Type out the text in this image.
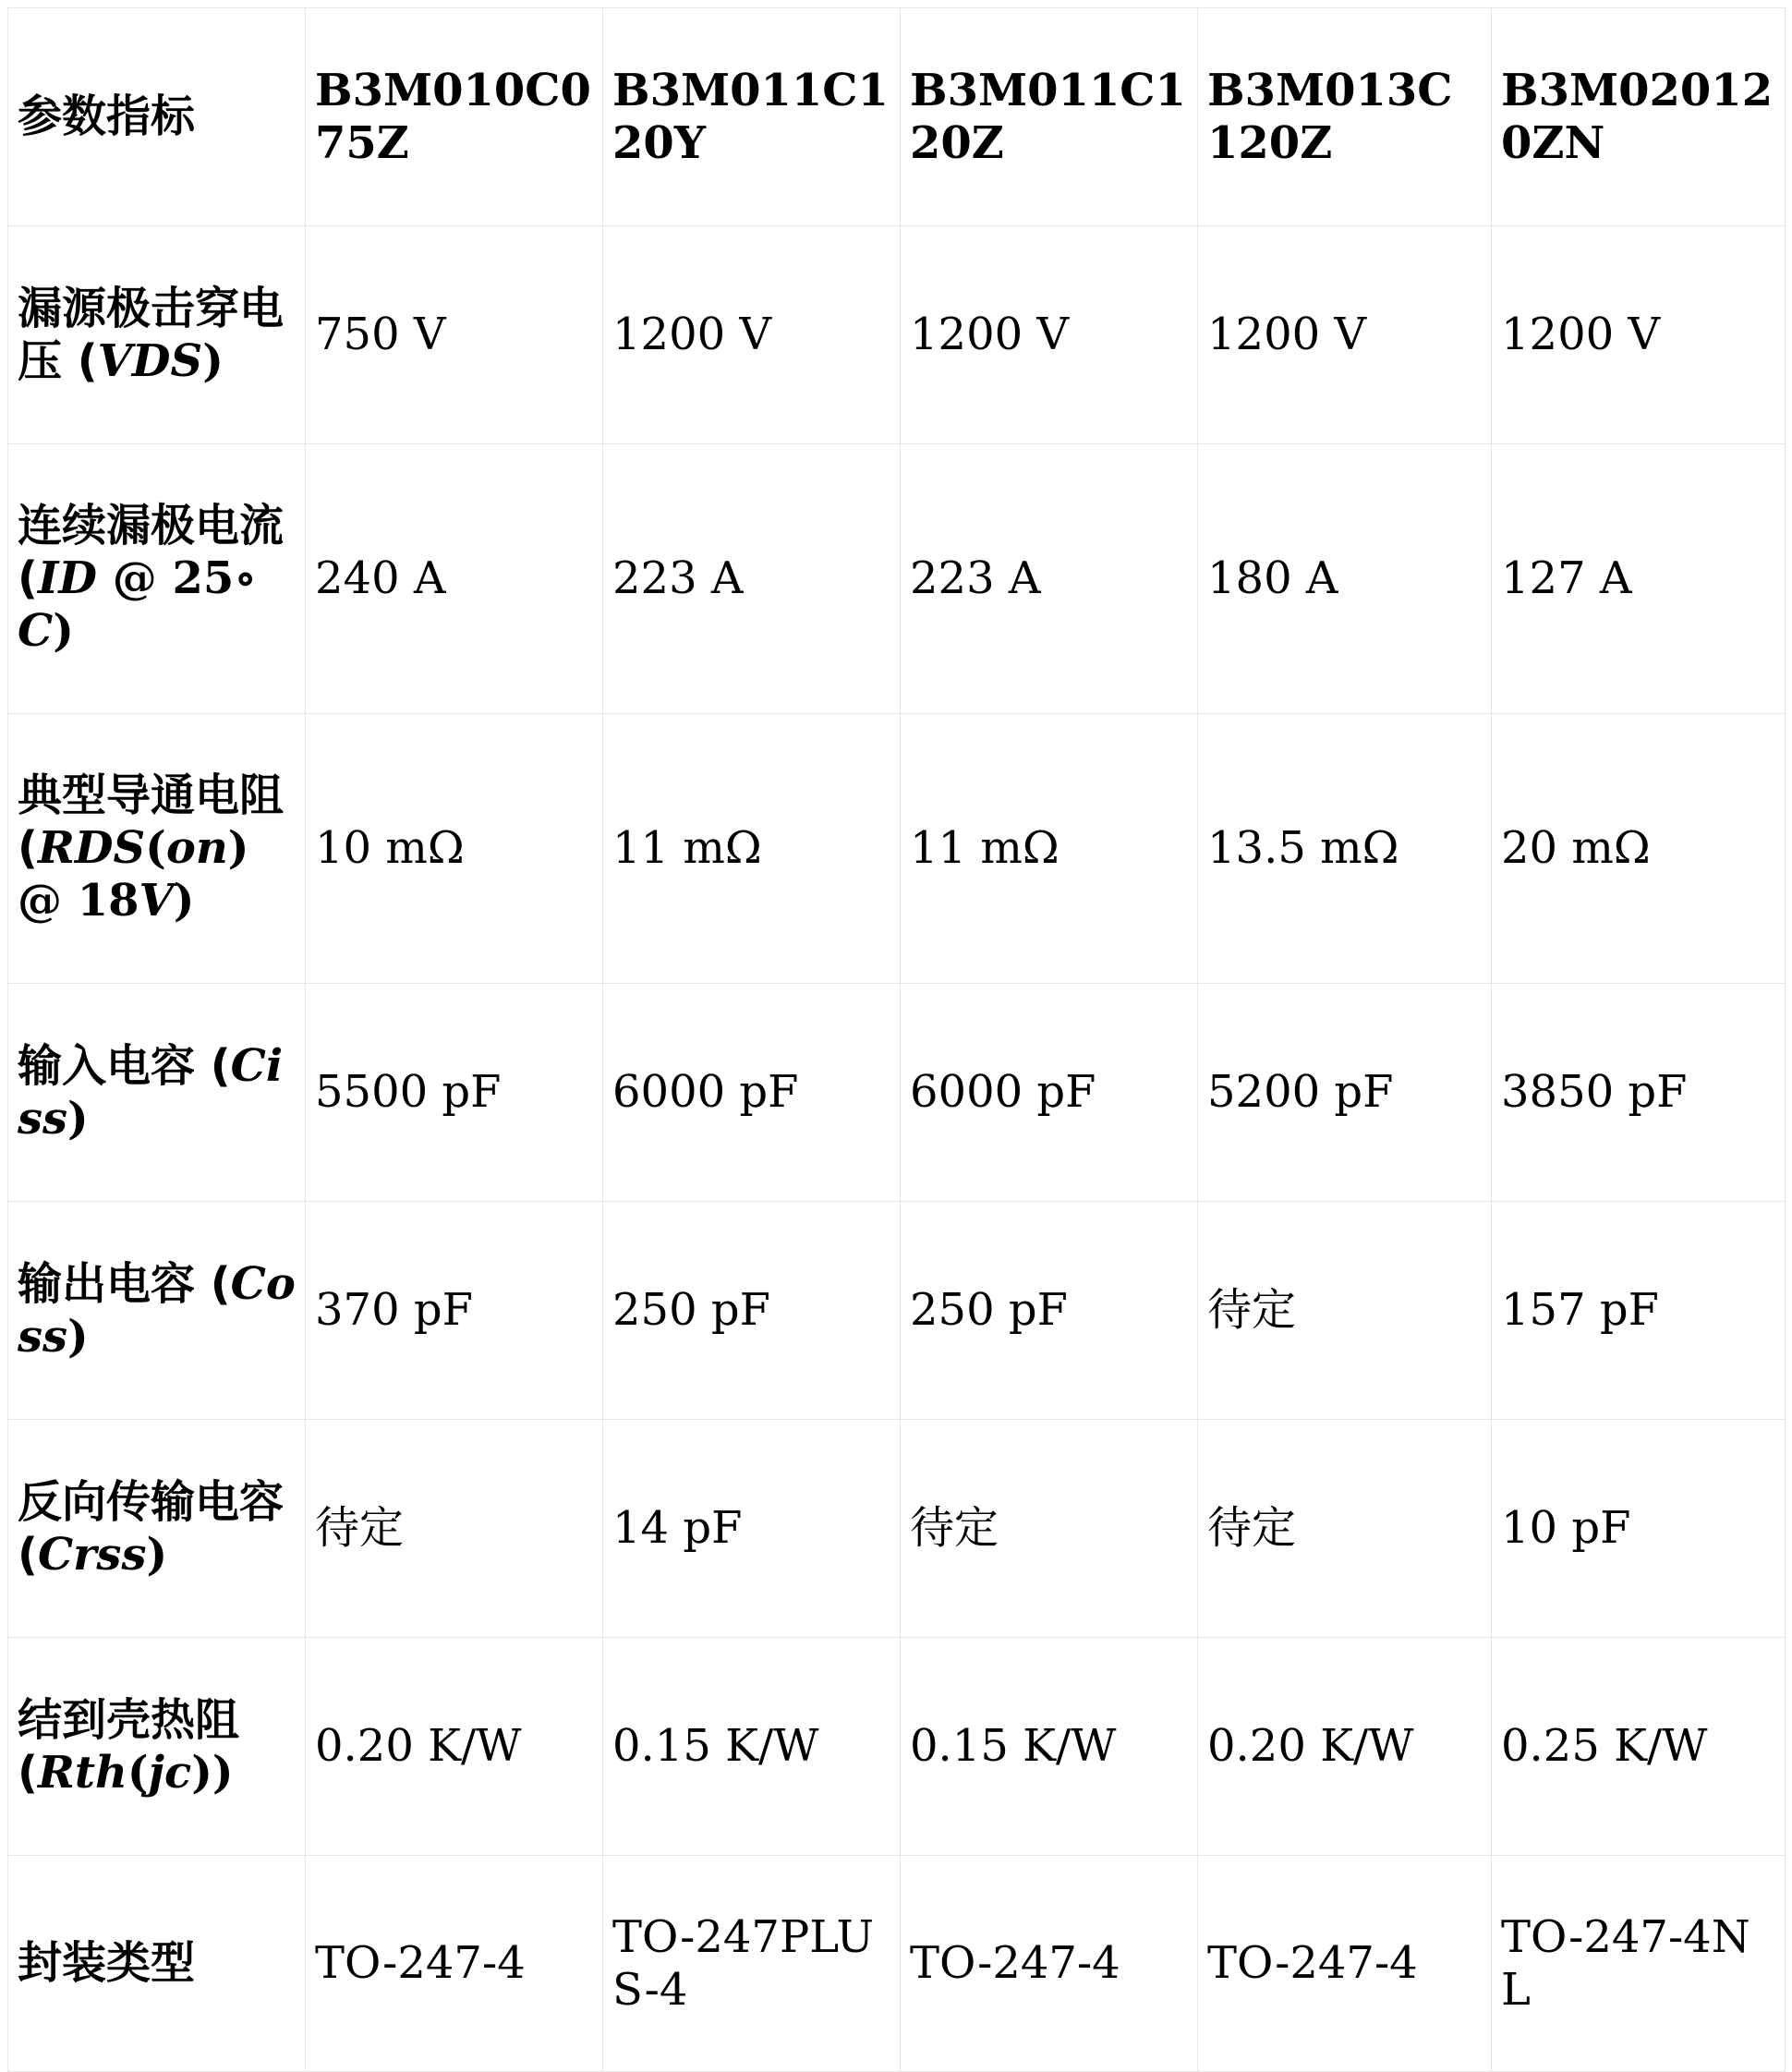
参数指标	B3M010C075Z	B3M011C120Y	B3M011C120Z	B3M013C120Z	B3M020120ZN
漏源极击穿电压 (VDS)	750 V	1200 V	1200 V	1200 V	1200 V
连续漏极电流 (ID @ 25∘C)	240 A	223 A	223 A	180 A	127 A
典型导通电阻 (RDS(on) @ 18V)	10 mΩ	11 mΩ	11 mΩ	13.5 mΩ	20 mΩ
输入电容 (Ciss)	5500 pF	6000 pF	6000 pF	5200 pF	3850 pF
输出电容 (Coss)	370 pF	250 pF	250 pF	待定	157 pF
反向传输电容 (Crss)	待定	14 pF	待定	待定	10 pF
结到壳热阻 (Rth(jc))	0.20 K/W	0.15 K/W	0.15 K/W	0.20 K/W	0.25 K/W
封装类型	TO-247-4	TO-247PLUS-4	TO-247-4	TO-247-4	TO-247-4NL
